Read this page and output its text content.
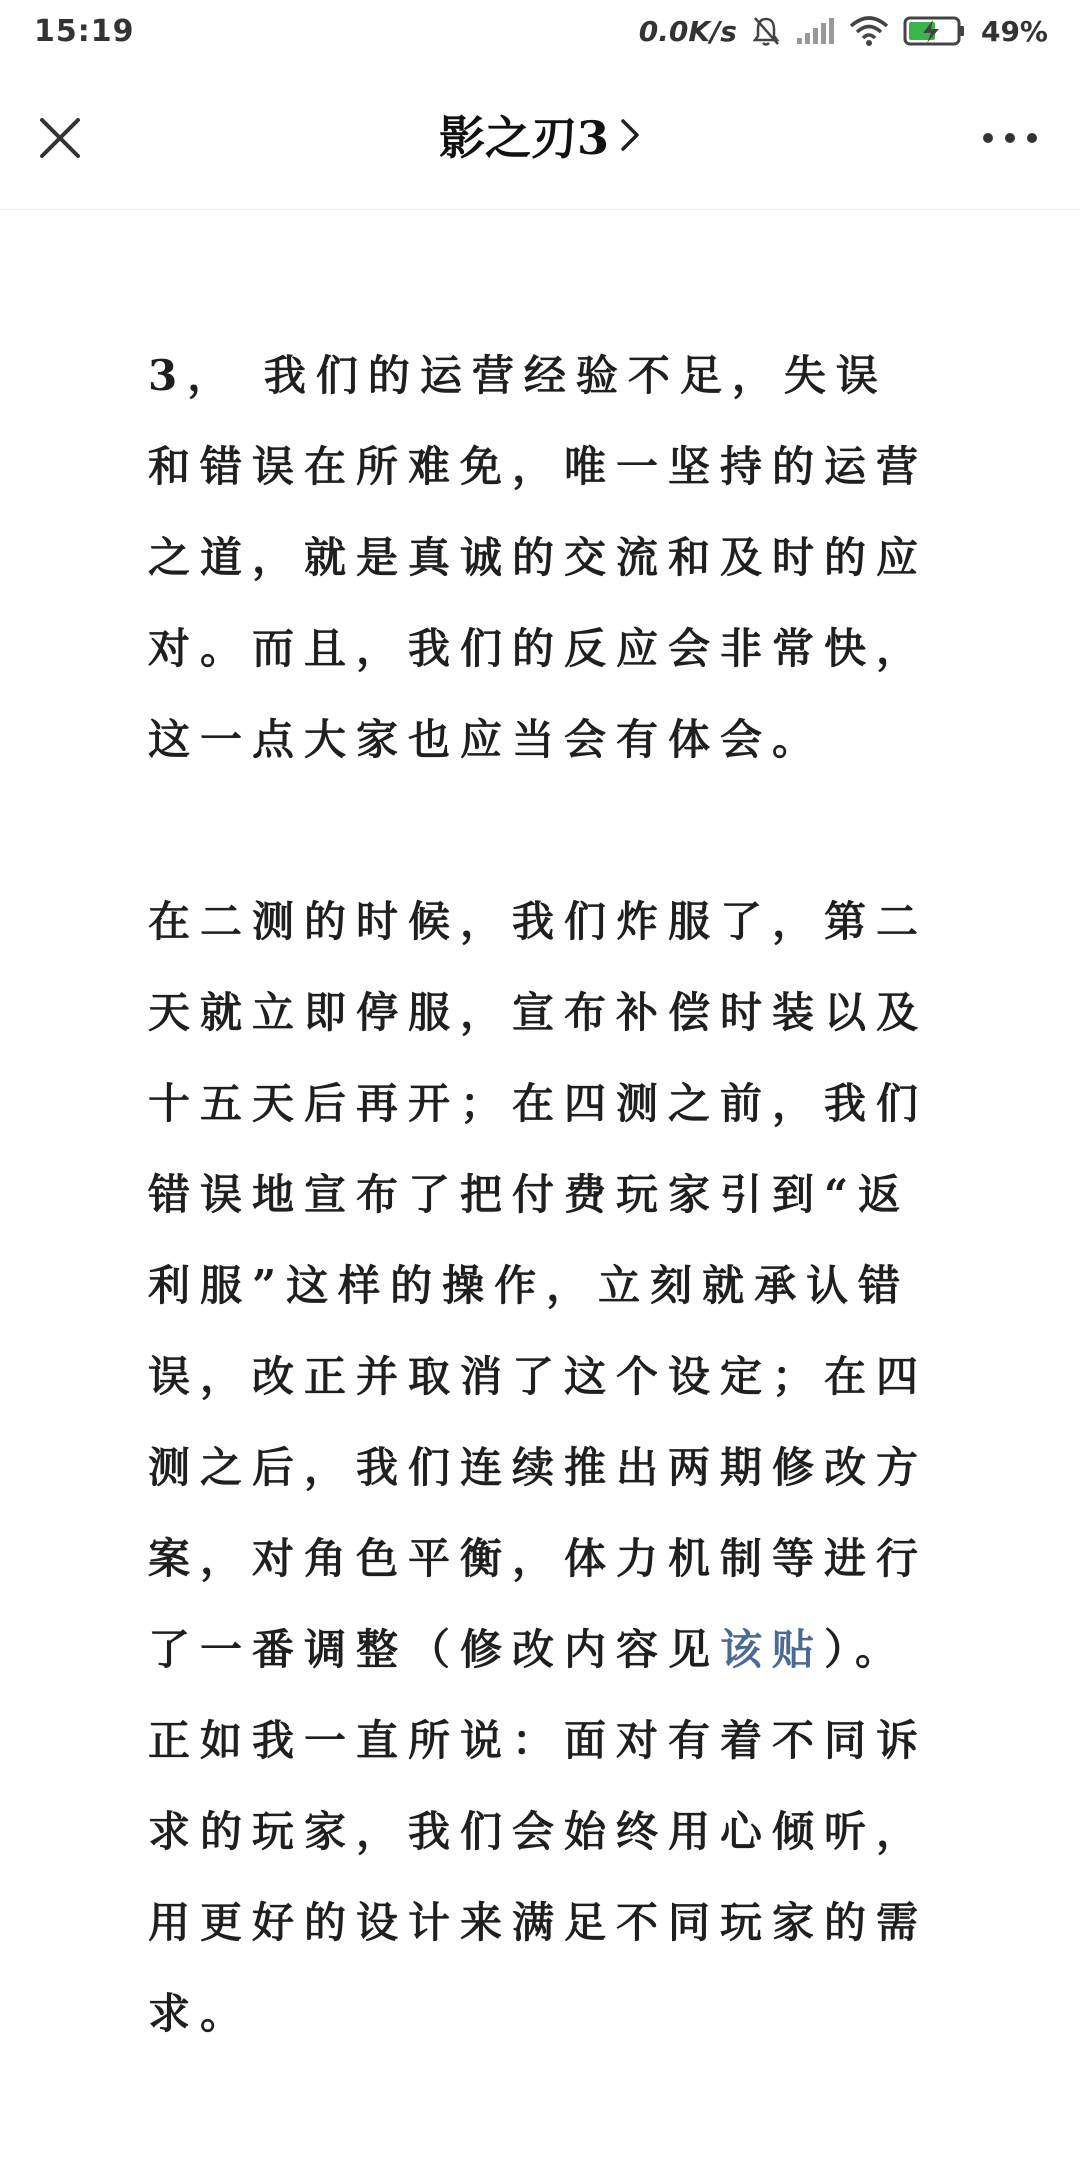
15:19	0.0K/s	49%
影之刃3

3， 我们的运营经验不足，失误和错误在所难免，唯一坚持的运营之道，就是真诚的交流和及时的应对。而且，我们的反应会非常快，这一点大家也应当会有体会。

在二测的时候，我们炸服了，第二天就立即停服，宣布补偿时装以及十五天后再开；在四测之前，我们错误地宣布了把付费玩家引到“返利服”这样的操作，立刻就承认错误，改正并取消了这个设定；在四测之后，我们连续推出两期修改方案，对角色平衡，体力机制等进行了一番调整（修改内容见该贴）。正如我一直所说：面对有着不同诉求的玩家，我们会始终用心倾听，用更好的设计来满足不同玩家的需求。
